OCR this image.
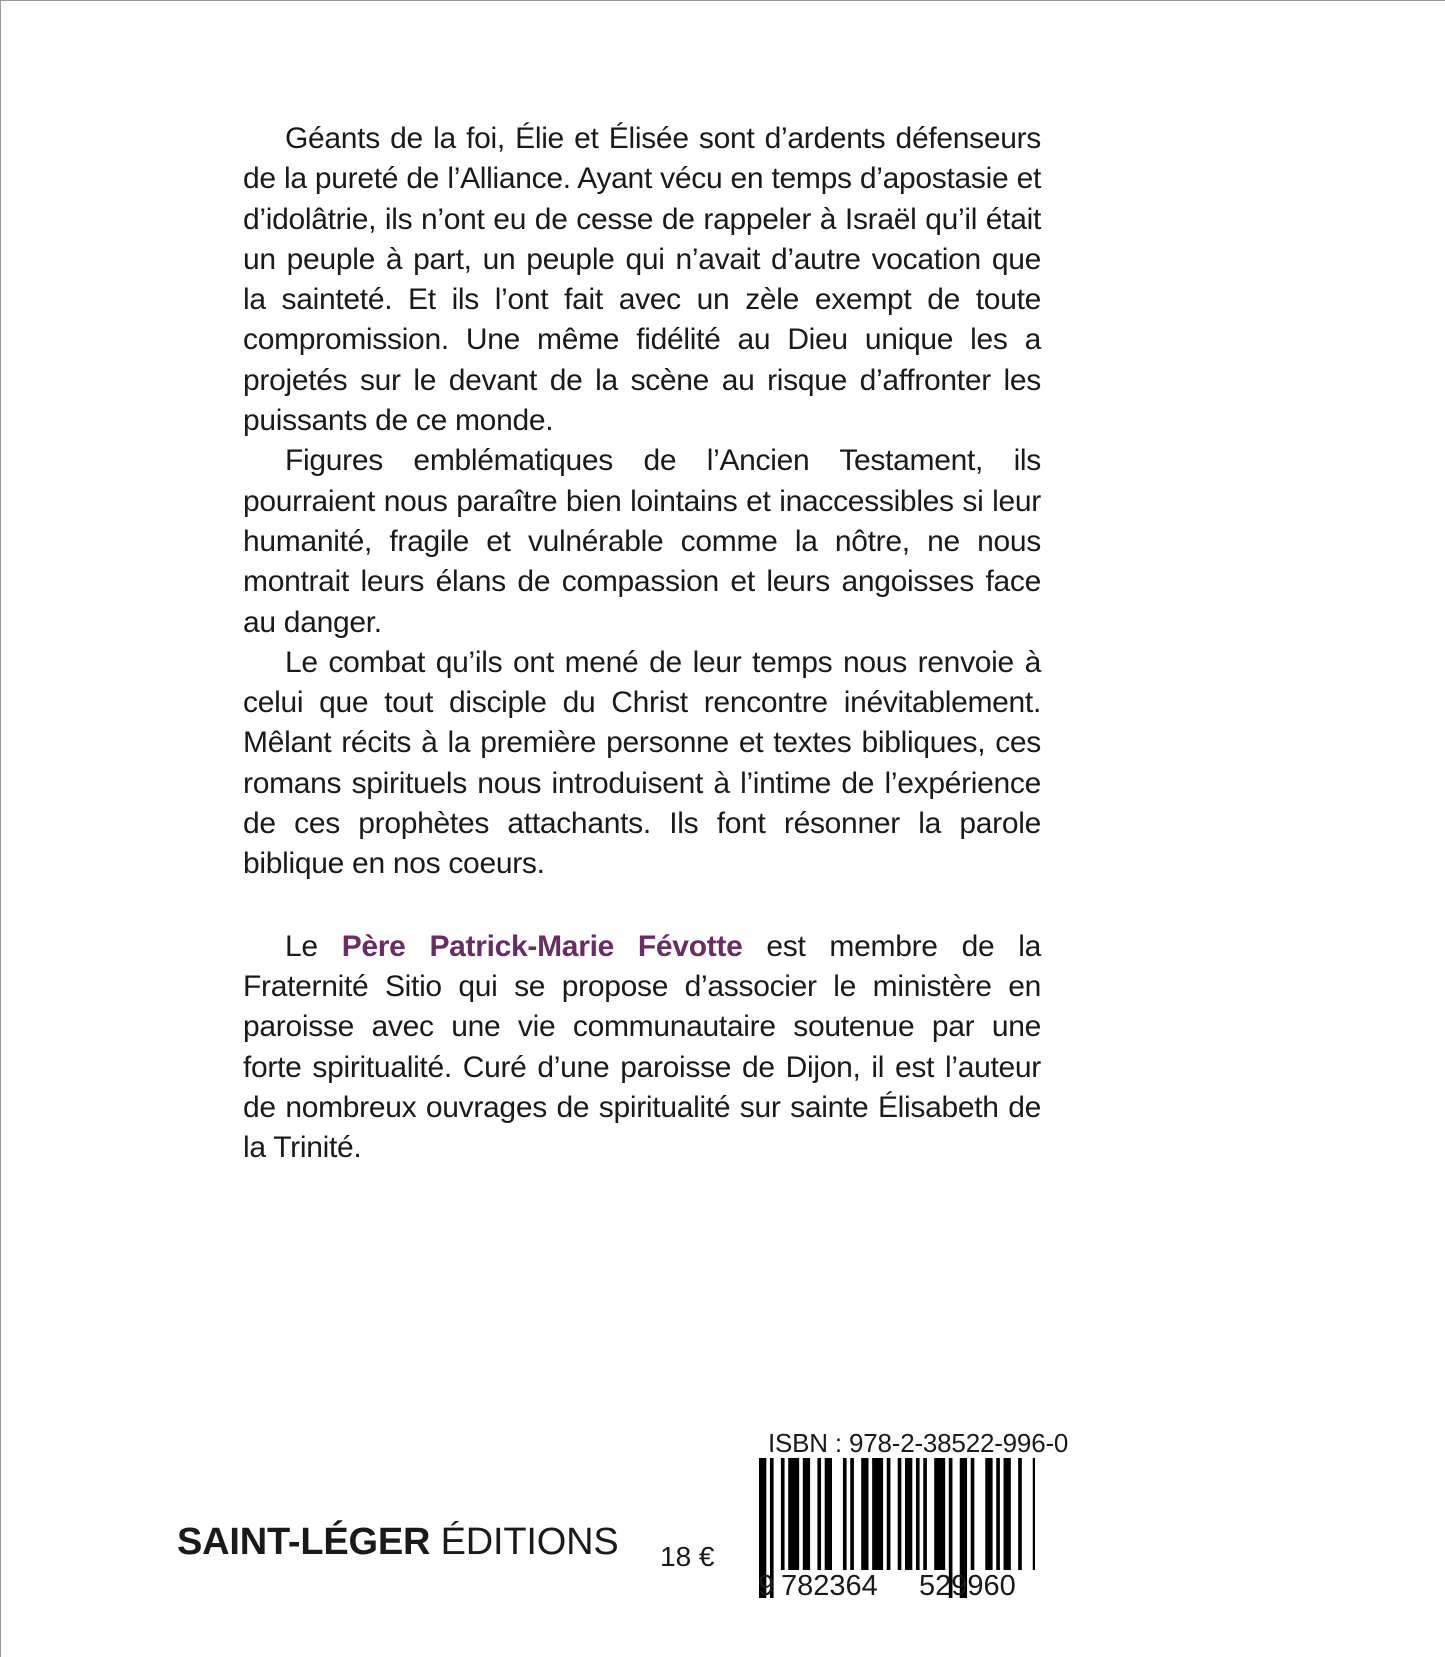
Géants de la foi, Élie et Élisée sont d’ardents défenseurs de la pureté de l’Alliance. Ayant vécu en temps d’apostasie et d’idolâtrie, ils n’ont eu de cesse de rappeler à Israël qu’il était un peuple à part, un peuple qui n’avait d’autre vocation que la sainteté. Et ils l’ont fait avec un zèle exempt de toute compromission. Une même fidélité au Dieu unique les a projetés sur le devant de la scène au risque d’affronter les puissants de ce monde.

Figures emblématiques de l’Ancien Testament, ils pourraient nous paraître bien lointains et inaccessibles si leur humanité, fragile et vulnérable comme la nôtre, ne nous montrait leurs élans de compassion et leurs angoisses face au danger.

Le combat qu’ils ont mené de leur temps nous renvoie à celui que tout disciple du Christ rencontre inévitablement. Mêlant récits à la première personne et textes bibliques, ces romans spirituels nous introduisent à l’intime de l’expérience de ces prophètes attachants. Ils font résonner la parole biblique en nos coeurs.

Le Père Patrick-Marie Févotte est membre de la Fraternité Sitio qui se propose d’associer le ministère en paroisse avec une vie communautaire soutenue par une forte spiritualité. Curé d’une paroisse de Dijon, il est l’auteur de nombreux ouvrages de spiritualité sur sainte Élisabeth de la Trinité.

SAINT-LÉGER ÉDITIONS 18 €
ISBN : 978-2-38522-996-0
9 782364 529960
